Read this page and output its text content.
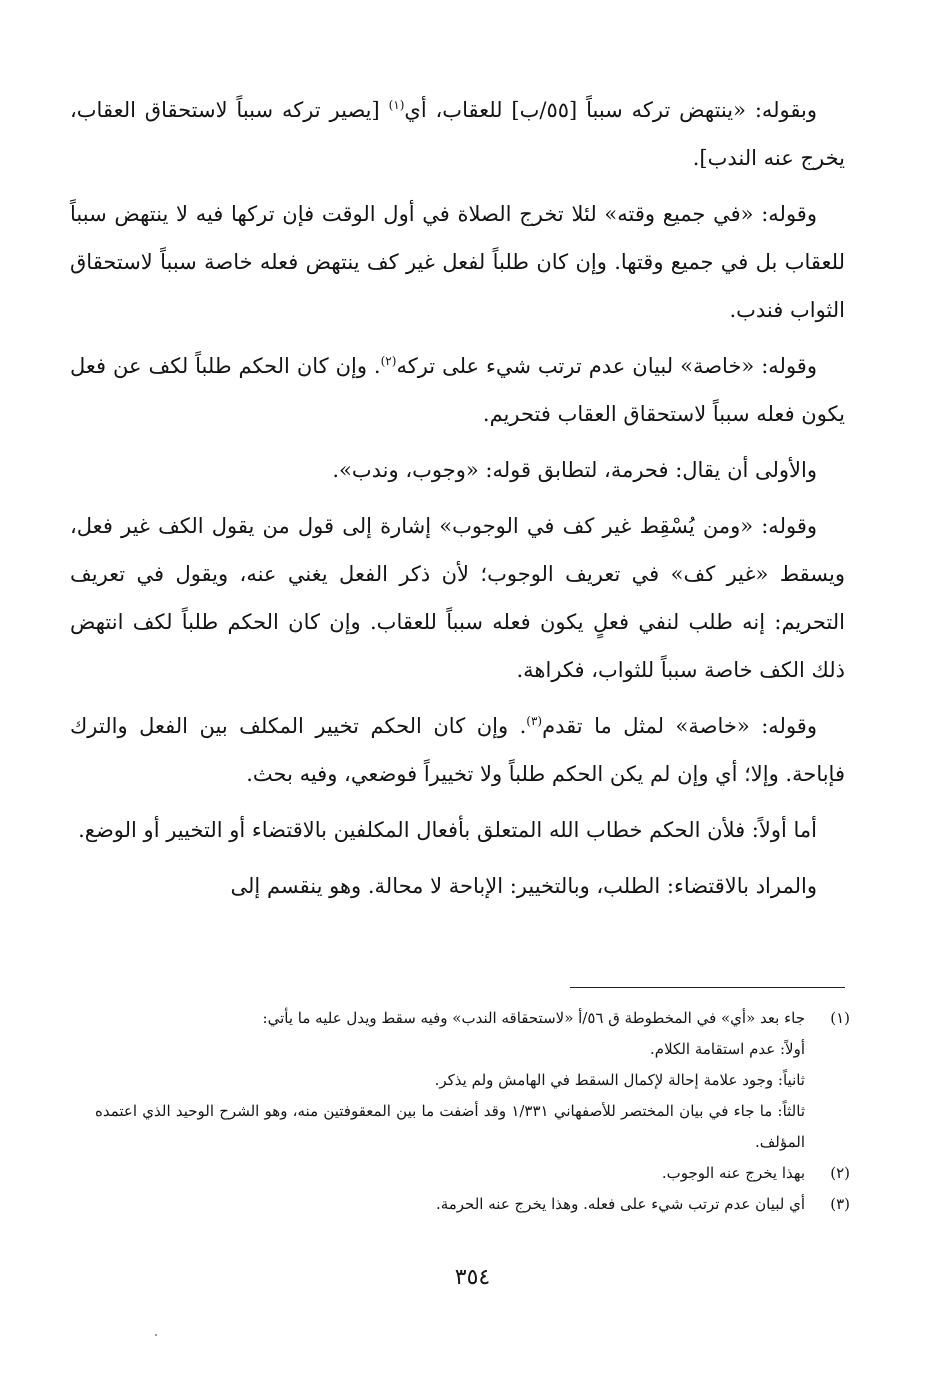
وبقوله: «ينتهض تركه سبباً [٥٥/ب] للعقاب، أي$^{(١)}$ [يصير تركه سبباً لاستحقاق العقاب، يخرج عنه الندب].

وقوله: «في جميع وقته» لئلا تخرج الصلاة في أول الوقت فإن تركها فيه لا ينتهض سبباً للعقاب بل في جميع وقتها. وإن كان طلباً لفعل غير كف ينتهض فعله خاصة سبباً لاستحقاق الثواب فندب.

وقوله: «خاصة» لبيان عدم ترتب شيء على تركه$^{(٢)}$. وإن كان الحكم طلباً لكف عن فعل يكون فعله سبباً لاستحقاق العقاب فتحريم.

والأولى أن يقال: فحرمة، لتطابق قوله: «وجوب، وندب».

وقوله: «ومن يُسْقِط غير كف في الوجوب» إشارة إلى قول من يقول الكف غير فعل، ويسقط «غير كف» في تعريف الوجوب؛ لأن ذكر الفعل يغني عنه، ويقول في تعريف التحريم: إنه طلب لنفي فعلٍ يكون فعله سبباً للعقاب. وإن كان الحكم طلباً لكف انتهض ذلك الكف خاصة سبباً للثواب، فكراهة.

وقوله: «خاصة» لمثل ما تقدم$^{(٣)}$. وإن كان الحكم تخيير المكلف بين الفعل والترك فإباحة. وإلا؛ أي وإن لم يكن الحكم طلباً ولا تخييراً فوضعي، وفيه بحث.

أما أولاً: فلأن الحكم خطاب الله المتعلق بأفعال المكلفين بالاقتضاء أو التخيير أو الوضع.

والمراد بالاقتضاء: الطلب، وبالتخيير: الإباحة لا محالة. وهو ينقسم إلى

(١)
جاء بعد «أي» في المخطوطة ق ٥٦/أ «لاستحقاقه الندب» وفيه سقط ويدل عليه ما يأتي:
أولاً: عدم استقامة الكلام.
ثانياً: وجود علامة إحالة لإكمال السقط في الهامش ولم يذكر.
ثالثاً: ما جاء في بيان المختصر للأصفهاني ١/٣٣١ وقد أضفت ما بين المعقوفتين منه، وهو الشرح الوحيد الذي اعتمده المؤلف.
(٢)
بهذا يخرج عنه الوجوب.
(٣)
أي لبيان عدم ترتب شيء على فعله. وهذا يخرج عنه الحرمة.
٣٥٤
